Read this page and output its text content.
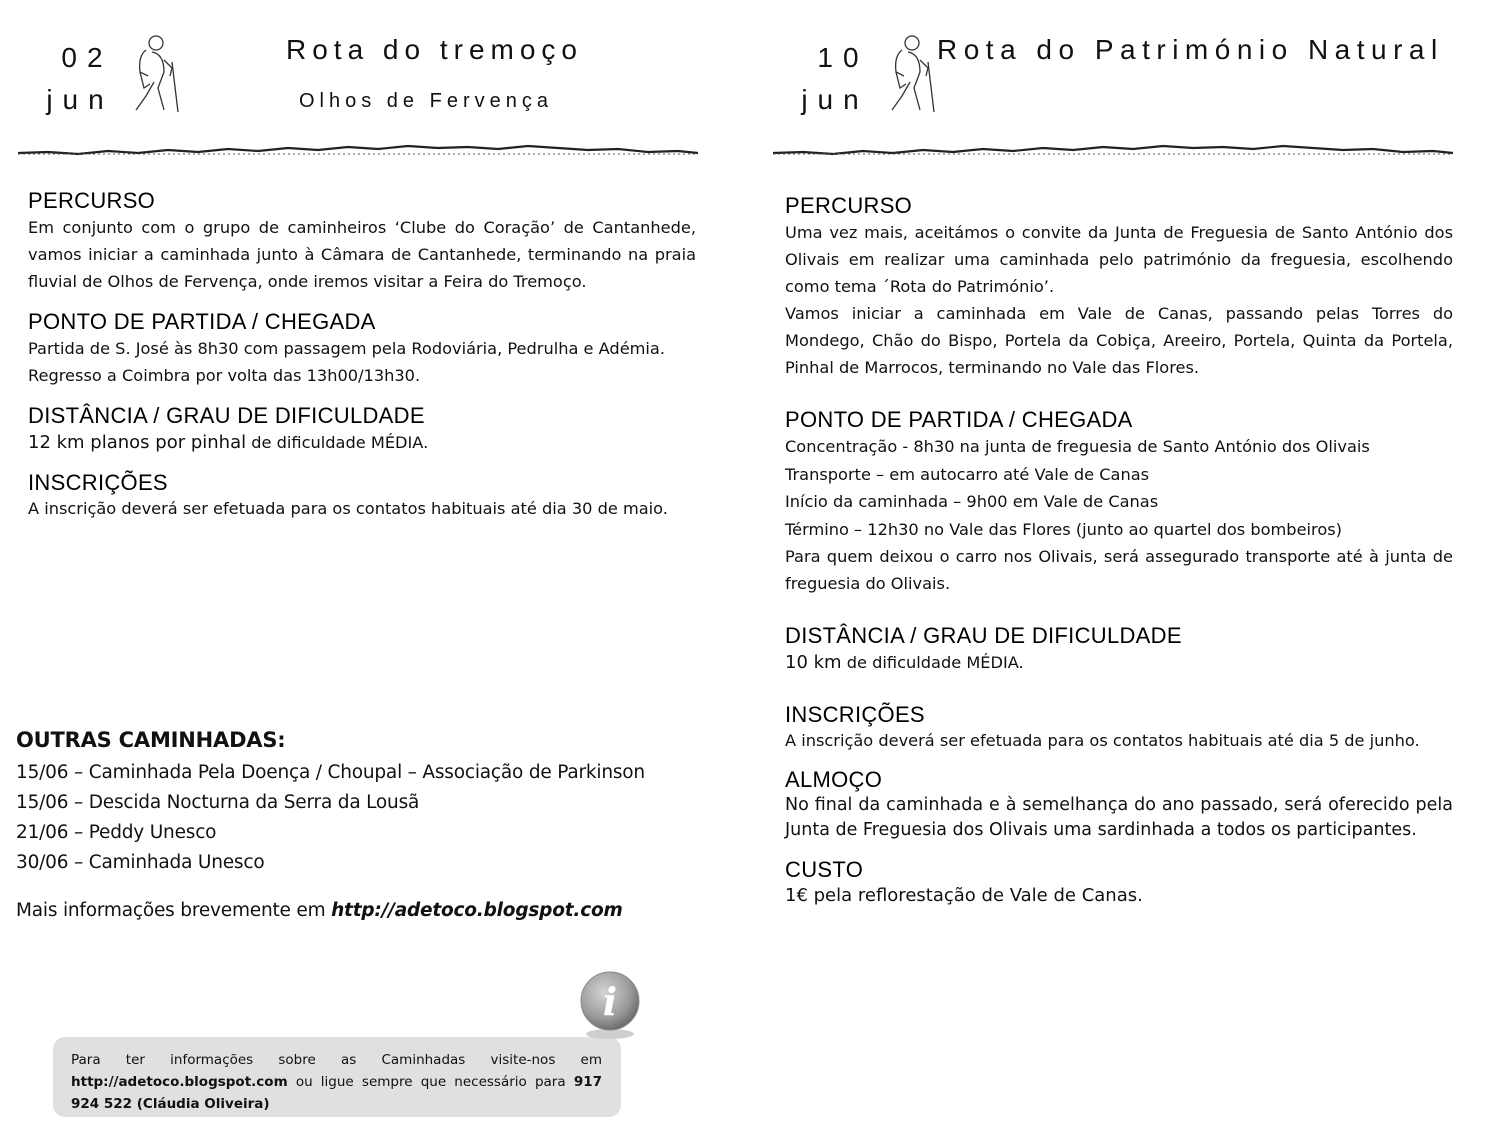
02
jun
Rota do tremoço
Olhos de Fervença
PERCURSO

Em conjunto com o grupo de caminheiros ‘Clube do Coração’ de Cantanhede, vamos iniciar a caminhada junto à Câmara de Cantanhede, terminando na praia fluvial de Olhos de Fervença, onde iremos visitar a Feira do Tremoço.

PONTO DE PARTIDA / CHEGADA

Partida de S. José às 8h30 com passagem pela Rodoviária, Pedrulha e Adémia.

Regresso a Coimbra por volta das 13h00/13h30.

DISTÂNCIA / GRAU DE DIFICULDADE

12 km planos por pinhal de dificuldade MÉDIA.

INSCRIÇÕES

A inscrição deverá ser efetuada para os contatos habituais até dia 30 de maio.

OUTRAS CAMINHADAS:
15/06 – Caminhada Pela Doença / Choupal – Associação de Parkinson
15/06 – Descida Nocturna da Serra da Lousã
21/06 – Peddy Unesco
30/06 – Caminhada Unesco
Mais informações brevemente em http://adetoco.blogspot.com
Para ter informações sobre as Caminhadas visite-nos em http://adetoco.blogspot.com ou ligue sempre que necessário para 917 924 522 (Cláudia Oliveira)
i
10
jun
Rota do Património Natural
PERCURSO

Uma vez mais, aceitámos o convite da Junta de Freguesia de Santo António dos Olivais em realizar uma caminhada pelo património da freguesia, escolhendo como tema ´Rota do Património’.

Vamos iniciar a caminhada em Vale de Canas, passando pelas Torres do Mondego, Chão do Bispo, Portela da Cobiça, Areeiro, Portela, Quinta da Portela, Pinhal de Marrocos, terminando no Vale das Flores.

PONTO DE PARTIDA / CHEGADA
Concentração - 8h30 na junta de freguesia de Santo António dos Olivais
Transporte – em autocarro até Vale de Canas
Início da caminhada – 9h00 em Vale de Canas
Término – 12h30 no Vale das Flores (junto ao quartel dos bombeiros)

Para quem deixou o carro nos Olivais, será assegurado transporte até à junta de freguesia do Olivais.

DISTÂNCIA / GRAU DE DIFICULDADE

10 km de dificuldade MÉDIA.

INSCRIÇÕES

A inscrição deverá ser efetuada para os contatos habituais até dia 5 de junho.

ALMOÇO

No final da caminhada e à semelhança do ano passado, será oferecido pela Junta de Freguesia dos Olivais uma sardinhada a todos os participantes.

CUSTO

1€ pela reflorestação de Vale de Canas.
